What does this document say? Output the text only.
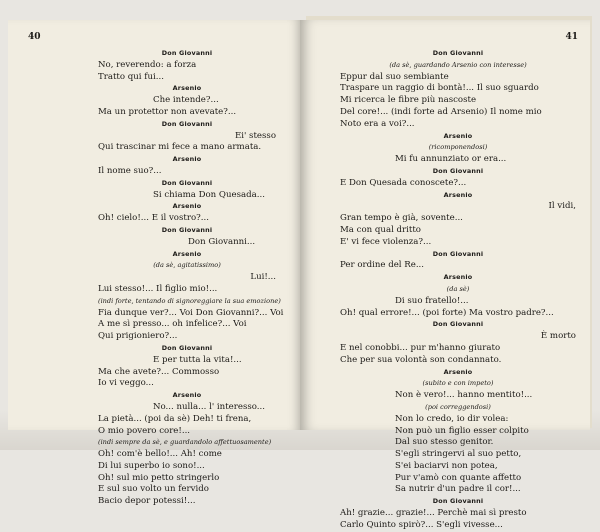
40
Don Giovanni
No, reverendo: a forza
Tratto qui fui...
Arsenio
Che intende?...
Ma un protettor non avevate?...
Don Giovanni
Ei' stesso
Qui trascinar mi fece a mano armata.
Arsenio
Il nome suo?...
Don Giovanni
Si chiama Don Quesada...
Arsenio
Oh! cielo!... E il vostro?...
Don Giovanni
Don Giovanni...
Arsenio
(da sè, agitatissimo)
Lui!...
Lui stesso!... Il figlio mio!...
(indi forte, tentando di signoreggiare la sua emozione)
Fia dunque ver?... Voi Don Giovanni?... Voi
A me sì presso... oh infelice?... Voi
Qui prigioniero?...
Don Giovanni
E per tutta la vita!...
Ma che avete?... Commosso
Io vi veggo...
Arsenio
No... nulla... l' interesso...
La pietà... (poi da sè) Deh! ti frena,
O mio povero core!...
(indi sempre da sè, e guardandolo affettuosamente)
Oh! com'è bello!... Ah! come
Di lui superbo io sono!...
Oh! sul mio petto stringerlo
E sul suo volto un fervido
Bacio depor potessi!...
41
Don Giovanni
(da sè, guardando Arsenio con interesse)
Eppur dal suo sembiante
Traspare un raggio di bontà!... Il suo sguardo
Mi ricerca le fibre più nascoste
Del core!... (indi forte ad Arsenio) Il nome mio
Noto era a voi?...
Arsenio
(ricomponendosi)
Mi fu annunziato or era...
Don Giovanni
E Don Quesada conoscete?...
Arsenio
Il vidi,
Gran tempo è già, sovente...
Ma con qual dritto
E' vi fece violenza?...
Don Giovanni
Per ordine del Re...
Arsenio
(da sè)
Di suo fratello!...
Oh! qual errore!... (poi forte) Ma vostro padre?...
Don Giovanni
È morto
E nel conobbi... pur m'hanno giurato
Che per sua volontà son condannato.
Arsenio
(subito e con impeto)
Non è vero!... hanno mentito!...
(poi correggendosi)
Non lo credo, io dir volea:
Non può un figlio esser colpito
Dal suo stesso genitor.
S'egli stringervi al suo petto,
S'ei baciarvi non potea,
Pur v'amò con quante affetto
Sa nutrir d'un padre il cor!...
Don Giovanni
Ah! grazie... grazie!... Perchè mai sì presto
Carlo Quinto spirò?... S'egli vivesse...
